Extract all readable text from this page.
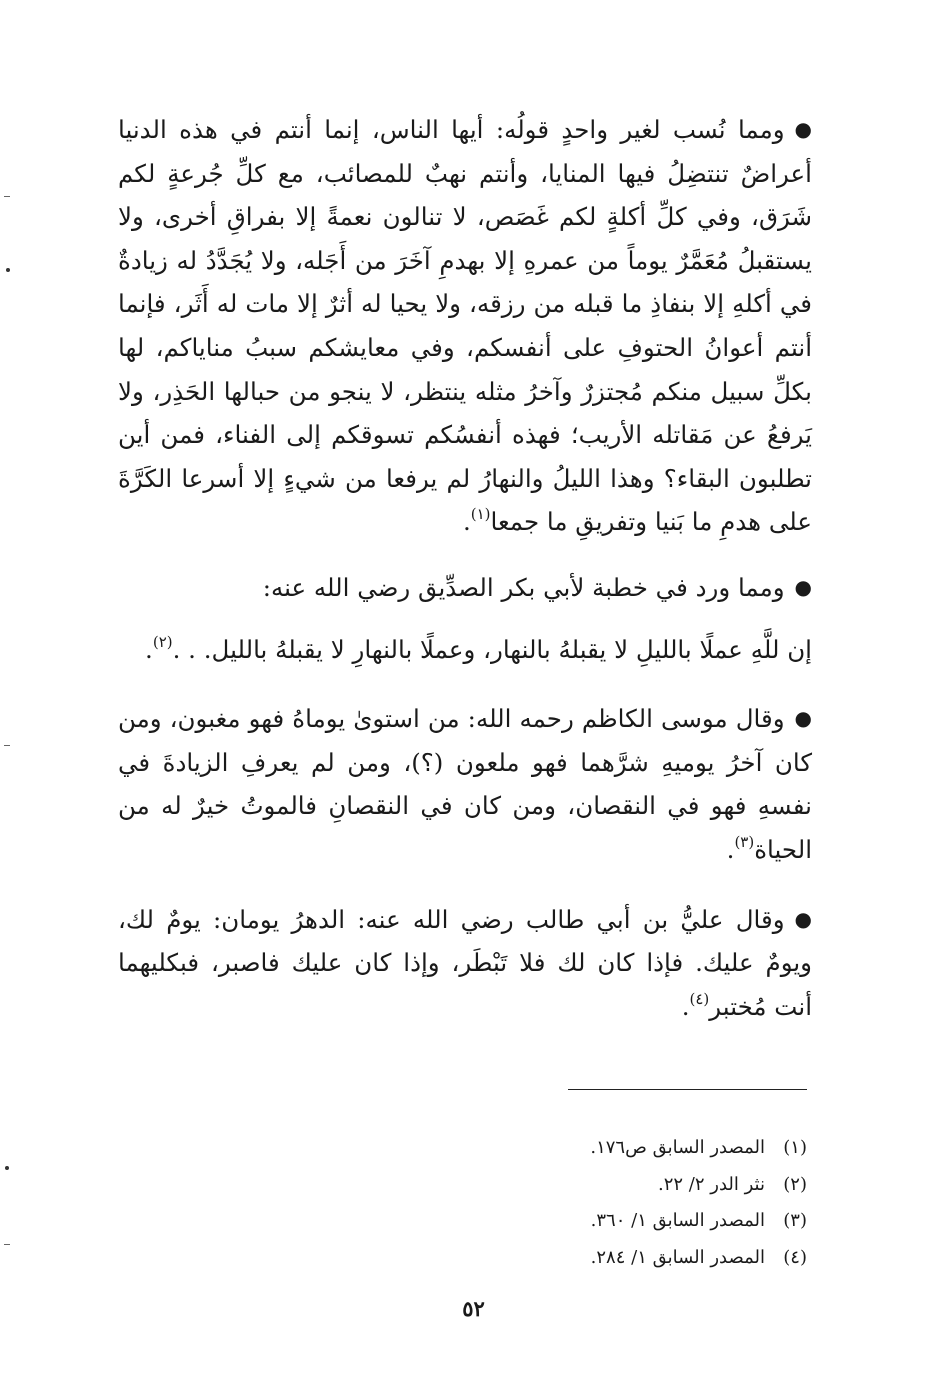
●ومما نُسب لغير واحدٍ قولُه: أيها الناس، إنما أنتم في هذه الدنيا أعراضٌ تنتضِلُ فيها المنايا، وأنتم نهبٌ للمصائب، مع كلِّ جُرعةٍ لكم شَرَق، وفي كلِّ أكلةٍ لكم غَصَص، لا تنالون نعمةً إلا بفراقِ أخرى، ولا يستقبلُ مُعَمَّرٌ يوماً من عمرهِ إلا بهدمِ آخَرَ من أَجَله، ولا يُجَدَّدُ له زيادةٌ في أكلهِ إلا بنفاذِ ما قبله من رزقه، ولا يحيا له أثرٌ إلا مات له أَثَر، فإنما أنتم أعوانُ الحتوفِ على أنفسكم، وفي معايشكم سببُ مناياكم، لها بكلِّ سبيل منكم مُجتزرٌ وآخرُ مثله ينتظر، لا ينجو من حبالها الحَذِر، ولا يَرفعُ عن مَقاتله الأريب؛ فهذه أنفسُكم تسوقكم إلى الفناء، فمن أين تطلبون البقاء؟ وهذا الليلُ والنهارُ لم يرفعا من شيءٍ إلا أسرعا الكَرَّةَ على هدمِ ما بَنيا وتفريقِ ما جمعا$^{(١)}$.

●ومما ورد في خطبة لأبي بكر الصدِّيق رضي الله عنه:

إن للَّهِ عملًا بالليلِ لا يقبلهُ بالنهار، وعملًا بالنهارِ لا يقبلهُ بالليل. . .$^{(٢)}$.

●وقال موسى الكاظم رحمه الله: من استوىٰ يوماهُ فهو مغبون، ومن كان آخرُ يوميهِ شرَّهما فهو ملعون (؟)، ومن لم يعرفِ الزيادةَ في نفسهِ فهو في النقصان، ومن كان في النقصانِ فالموتُ خيرٌ له من الحياة$^{(٣)}$.

●وقال عليُّ بن أبي طالب رضي الله عنه: الدهرُ يومان: يومٌ لك، ويومٌ عليك. فإذا كان لك فلا تَبْطَر، وإذا كان عليك فاصبر، فبكليهما أنت مُختبر$^{(٤)}$.

(١)
المصدر السابق ص١٧٦.
(٢)
نثر الدر ٢/ ٢٢.
(٣)
المصدر السابق ١/ ٣٦٠.
(٤)
المصدر السابق ١/ ٢٨٤.
٥٢
